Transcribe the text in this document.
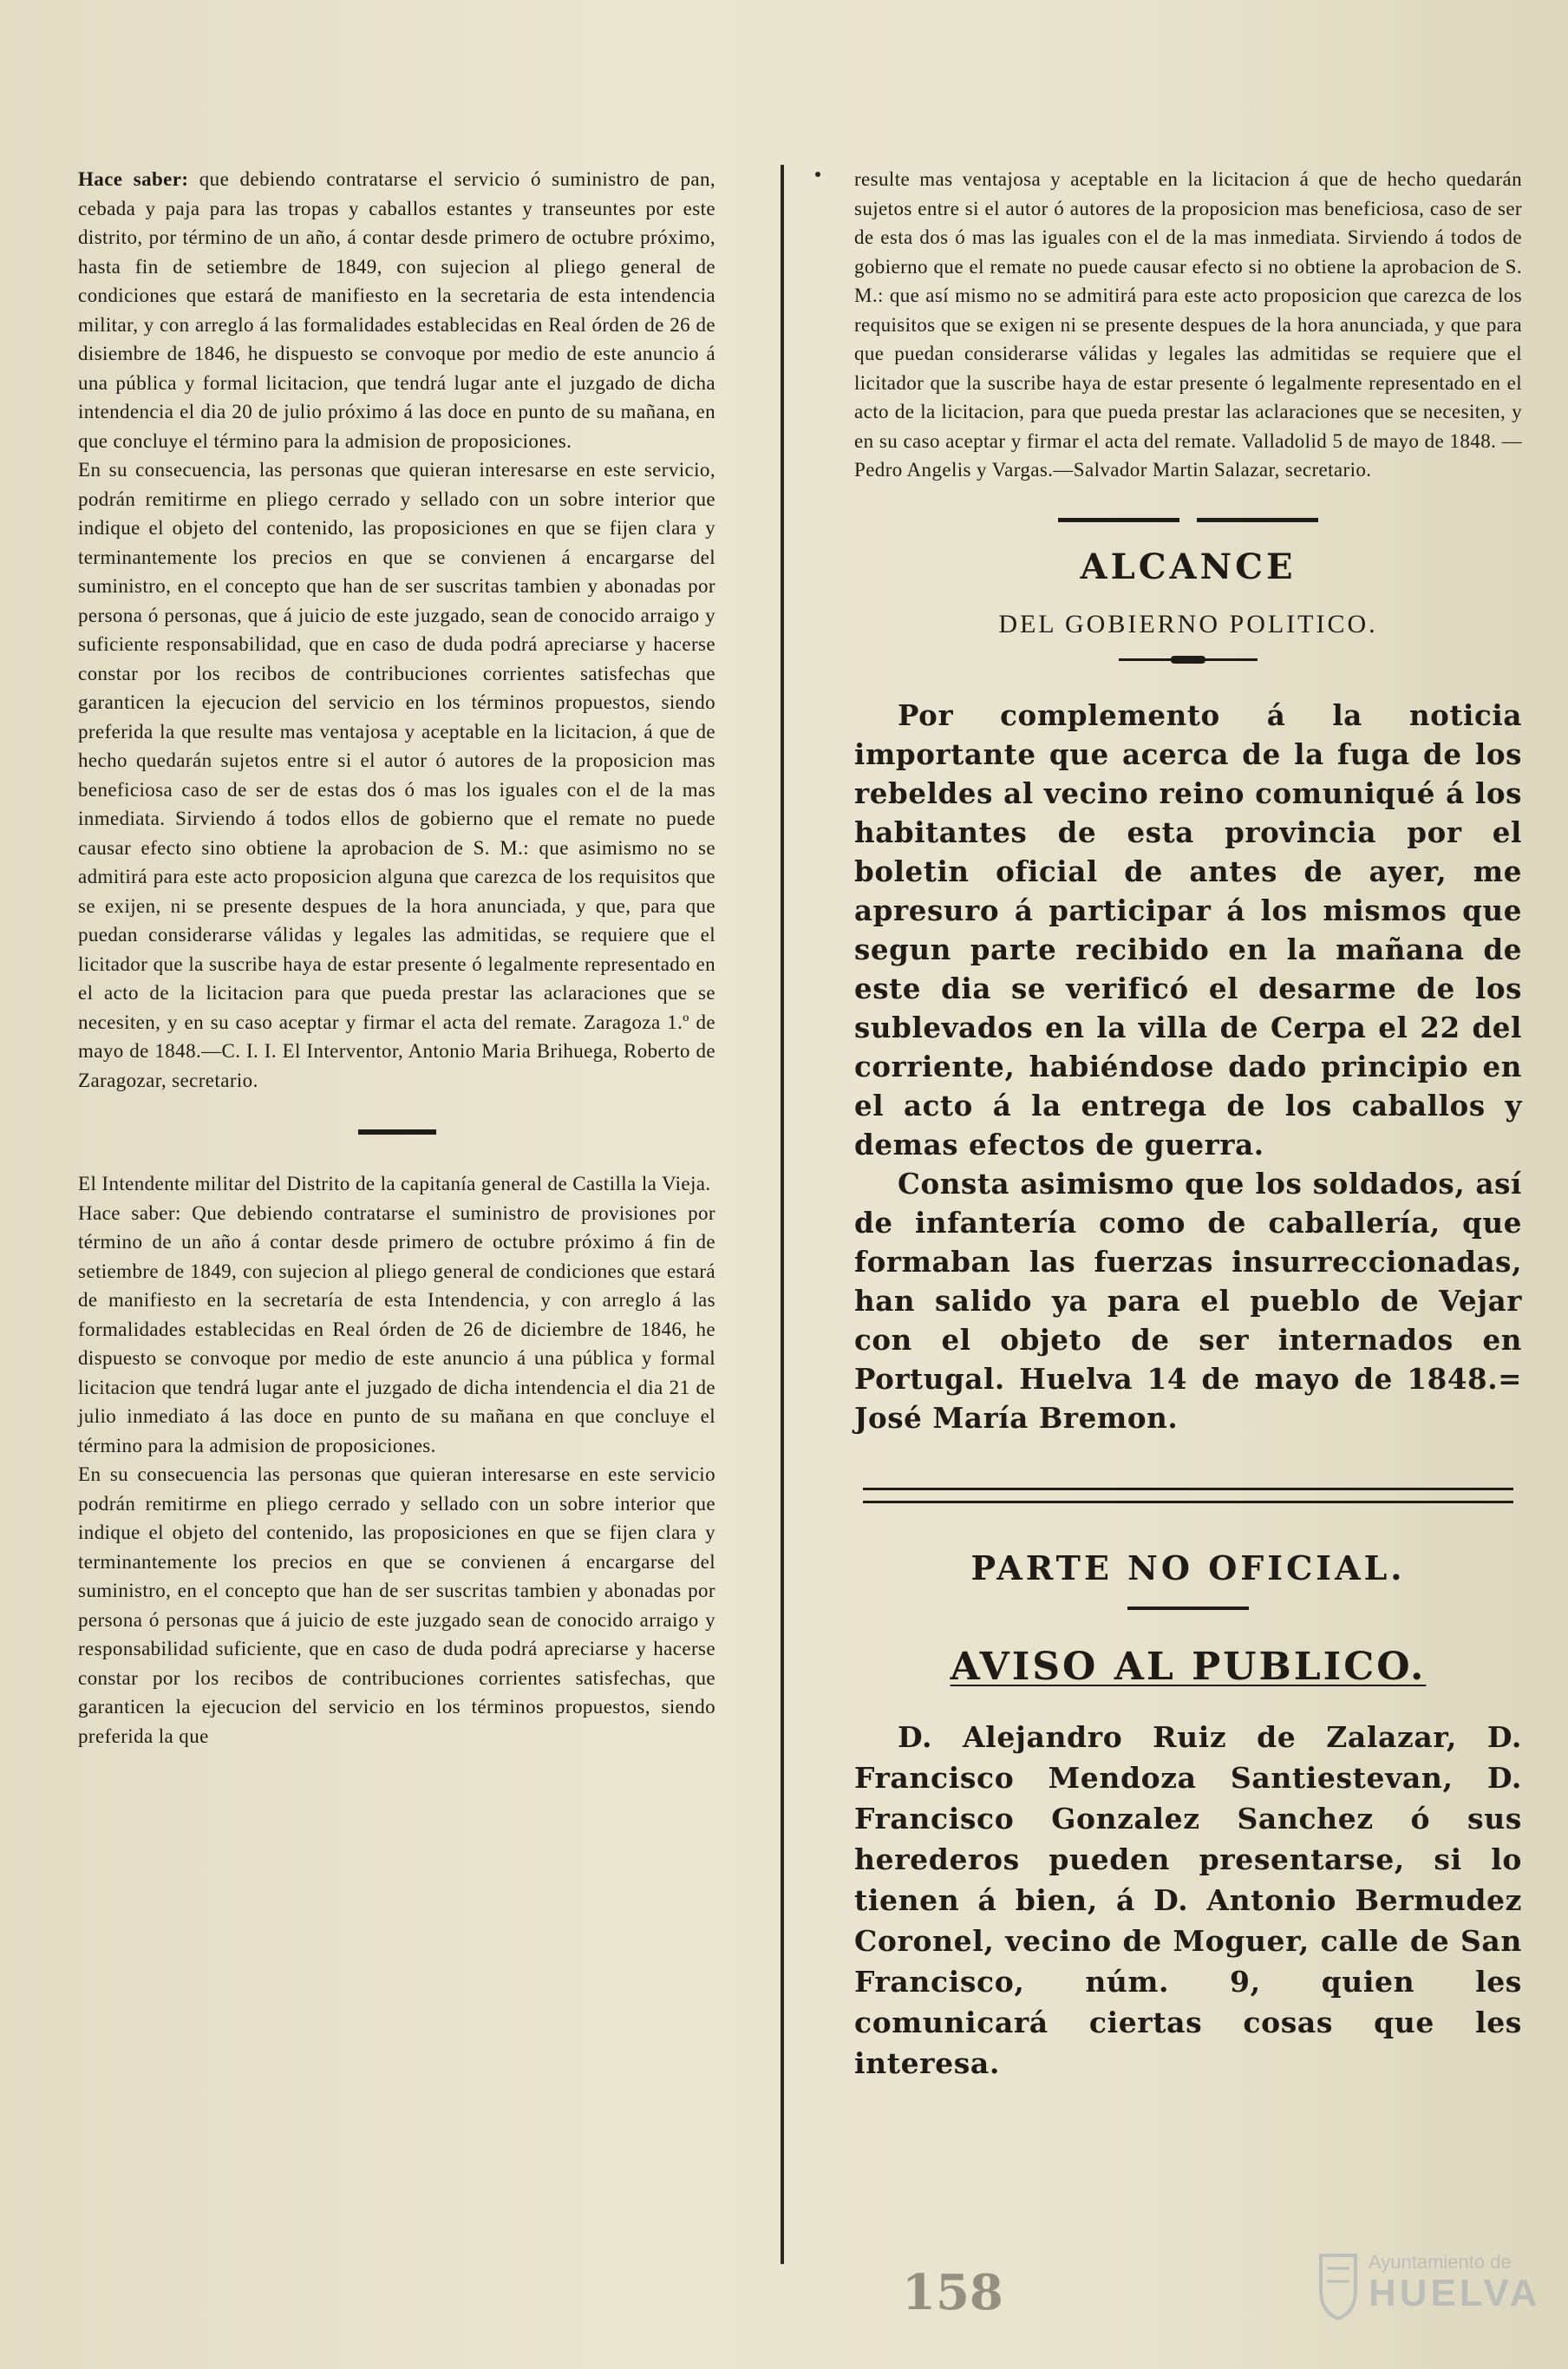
Hace saber: que debiendo contratarse el servicio ó suministro de pan, cebada y paja para las tropas y caballos estantes y transeuntes por este distrito, por término de un año, á contar desde primero de octubre próximo, hasta fin de setiembre de 1849, con sujecion al pliego general de condiciones que estará de manifiesto en la secretaria de esta intendencia militar, y con arreglo á las formalidades establecidas en Real órden de 26 de disiembre de 1846, he dispuesto se convoque por medio de este anuncio á una pública y formal licitacion, que tendrá lugar ante el juzgado de dicha intendencia el dia 20 de julio próximo á las doce en punto de su mañana, en que concluye el término para la admision de proposiciones.

En su consecuencia, las personas que quieran interesarse en este servicio, podrán remitirme en pliego cerrado y sellado con un sobre interior que indique el objeto del contenido, las proposiciones en que se fijen clara y terminantemente los precios en que se convienen á encargarse del suministro, en el concepto que han de ser suscritas tambien y abonadas por persona ó personas, que á juicio de este juzgado, sean de conocido arraigo y suficiente responsabilidad, que en caso de duda podrá apreciarse y hacerse constar por los recibos de contribuciones corrientes satisfechas que garanticen la ejecucion del servicio en los términos propuestos, siendo preferida la que resulte mas ventajosa y aceptable en la licitacion, á que de hecho quedarán sujetos entre si el autor ó autores de la proposicion mas beneficiosa caso de ser de estas dos ó mas los iguales con el de la mas inmediata. Sirviendo á todos ellos de gobierno que el remate no puede causar efecto sino obtiene la aprobacion de S. M.: que asimismo no se admitirá para este acto proposicion alguna que carezca de los requisitos que se exijen, ni se presente despues de la hora anunciada, y que, para que puedan considerarse válidas y legales las admitidas, se requiere que el licitador que la suscribe haya de estar presente ó legalmente representado en el acto de la licitacion para que pueda prestar las aclaraciones que se necesiten, y en su caso aceptar y firmar el acta del remate. Zaragoza 1.º de mayo de 1848.—C. I. I. El Interventor, Antonio Maria Brihuega, Roberto de Zaragozar, secretario.

El Intendente militar del Distrito de la capitanía general de Castilla la Vieja.

Hace saber: Que debiendo contratarse el suministro de provisiones por término de un año á contar desde primero de octubre próximo á fin de setiembre de 1849, con sujecion al pliego general de condiciones que estará de manifiesto en la secretaría de esta Intendencia, y con arreglo á las formalidades establecidas en Real órden de 26 de diciembre de 1846, he dispuesto se convoque por medio de este anuncio á una pública y formal licitacion que tendrá lugar ante el juzgado de dicha intendencia el dia 21 de julio inmediato á las doce en punto de su mañana en que concluye el término para la admision de proposiciones.

En su consecuencia las personas que quieran interesarse en este servicio podrán remitirme en pliego cerrado y sellado con un sobre interior que indique el objeto del contenido, las proposiciones en que se fijen clara y terminantemente los precios en que se convienen á encargarse del suministro, en el concepto que han de ser suscritas tambien y abonadas por persona ó personas que á juicio de este juzgado sean de conocido arraigo y responsabilidad suficiente, que en caso de duda podrá apreciarse y hacerse constar por los recibos de contribuciones corrientes satisfechas, que garanticen la ejecucion del servicio en los términos propuestos, siendo preferida la que

resulte mas ventajosa y aceptable en la licitacion á que de hecho quedarán sujetos entre si el autor ó autores de la proposicion mas beneficiosa, caso de ser de esta dos ó mas las iguales con el de la mas inmediata. Sirviendo á todos de gobierno que el remate no puede causar efecto si no obtiene la aprobacion de S. M.: que así mismo no se admitirá para este acto proposicion que carezca de los requisitos que se exigen ni se presente despues de la hora anunciada, y que para que puedan considerarse válidas y legales las admitidas se requiere que el licitador que la suscribe haya de estar presente ó legalmente representado en el acto de la licitacion, para que pueda prestar las aclaraciones que se necesiten, y en su caso aceptar y firmar el acta del remate. Valladolid 5 de mayo de 1848. —Pedro Angelis y Vargas.—Salvador Martin Salazar, secretario.

ALCANCE
DEL GOBIERNO POLITICO.

Por complemento á la noticia importante que acerca de la fuga de los rebeldes al vecino reino comuniqué á los habitantes de esta provincia por el boletin oficial de antes de ayer, me apresuro á participar á los mismos que segun parte recibido en la mañana de este dia se verificó el desarme de los sublevados en la villa de Cerpa el 22 del corriente, habiéndose dado principio en el acto á la entrega de los caballos y demas efectos de guerra.

Consta asimismo que los soldados, así de infantería como de caballería, que formaban las fuerzas insurreccionadas, han salido ya para el pueblo de Vejar con el objeto de ser internados en Portugal. Huelva 14 de mayo de 1848.= José María Bremon.

PARTE NO OFICIAL.
AVISO AL PUBLICO.

D. Alejandro Ruiz de Zalazar, D. Francisco Mendoza Santiestevan, D. Francisco Gonzalez Sanchez ó sus herederos pueden presentarse, si lo tienen á bien, á D. Antonio Bermudez Coronel, vecino de Moguer, calle de San Francisco, núm. 9, quien les comunicará ciertas cosas que les interesa.

158
Ayuntamiento de
HUELVA
